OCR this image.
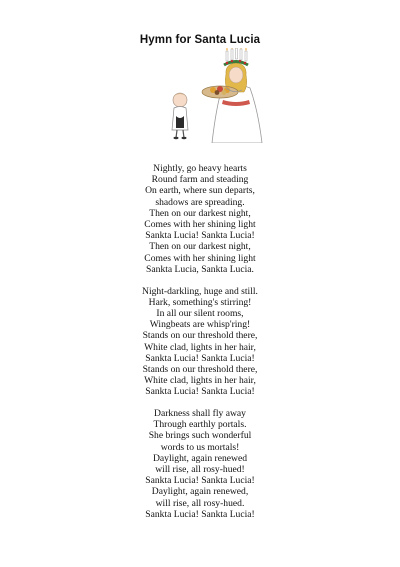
Hymn for Santa Lucia
Nightly, go heavy hearts
Round farm and steading
On earth, where sun departs,
shadows are spreading.
Then on our darkest night,
Comes with her shining light
Sankta Lucia! Sankta Lucia!
Then on our darkest night,
Comes with her shining light
Sankta Lucia, Sankta Lucia.
Night-darkling, huge and still.
Hark, something's stirring!
In all our silent rooms,
Wingbeats are whisp'ring!
Stands on our threshold there,
White clad, lights in her hair,
Sankta Lucia! Sankta Lucia!
Stands on our threshold there,
White clad, lights in her hair,
Sankta Lucia! Sankta Lucia!
Darkness shall fly away
Through earthly portals.
She brings such wonderful
words to us mortals!
Daylight, again renewed
will rise, all rosy-hued!
Sankta Lucia! Sankta Lucia!
Daylight, again renewed,
will rise, all rosy-hued.
Sankta Lucia! Sankta Lucia!
